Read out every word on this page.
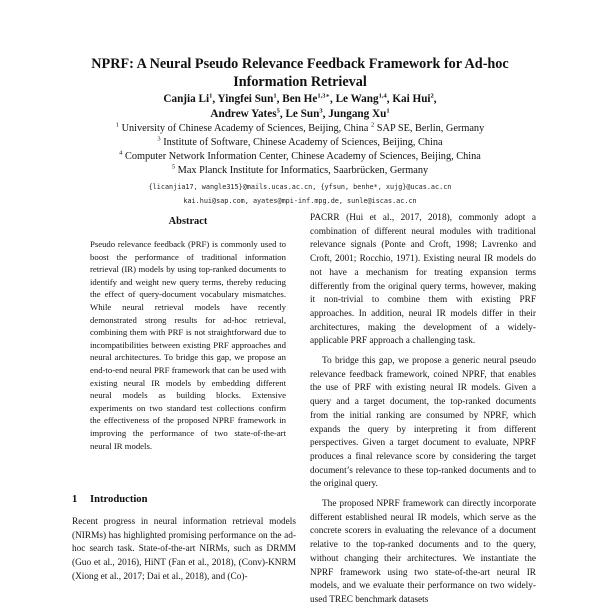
NPRF: A Neural Pseudo Relevance Feedback Framework for Ad-hoc Information Retrieval
Canjia Li$^1$, Yingfei Sun$^1$, Ben $He^{1,3∗}$, Le Wang$^{1,4}$, Kai Hui$^2$,
Andrew Yates$^5$, Le Sun$^3$, Jungang Xu$^1$
$^1$ University of Chinese Academy of Sciences, Beijing, China $^2$ SAP SE, Berlin, Germany
$^3$ Institute of Software, Chinese Academy of Sciences, Beijing, China
$^4$ Computer Network Information Center, Chinese Academy of Sciences, Beijing, China
$^5$ Max Planck Institute for Informatics, Saarbrücken, Germany
{licanjia17, wangle315}@mails.ucas.ac.cn, {yfsun, benhe*, xujg}@ucas.ac.cn
kai.hui@sap.com, ayates@mpi-inf.mpg.de, sunle@iscas.ac.cn
Abstract
Pseudo relevance feedback (PRF) is commonly used to boost the performance of traditional information retrieval (IR) models by using top-ranked documents to identify and weight new query terms, thereby reducing the effect of query-document vocabulary mismatches. While neural retrieval models have recently demonstrated strong results for ad-hoc retrieval, combining them with PRF is not straightforward due to incompatibilities between existing PRF approaches and neural architectures. To bridge this gap, we propose an end-to-end neural PRF framework that can be used with existing neural IR models by embedding different neural models as building blocks. Extensive experiments on two standard test collections confirm the effectiveness of the proposed NPRF framework in improving the performance of two state-of-the-art neural IR models.
1 Introduction

Recent progress in neural information retrieval models (NIRMs) has highlighted promising performance on the ad-hoc search task. State-of-the-art NIRMs, such as DRMM (Guo et al., 2016), HiNT (Fan et al., 2018), (Conv)-KNRM (Xiong et al., 2017; Dai et al., 2018), and (Co)-

PACRR (Hui et al., 2017, 2018), commonly adopt a combination of different neural modules with traditional relevance signals (Ponte and Croft, 1998; Lavrenko and Croft, 2001; Rocchio, 1971). Existing neural IR models do not have a mechanism for treating expansion terms differently from the original query terms, however, making it non-trivial to combine them with existing PRF approaches. In addition, neural IR models differ in their architectures, making the development of a widely-applicable PRF approach a challenging task.

To bridge this gap, we propose a generic neural pseudo relevance feedback framework, coined NPRF, that enables the use of PRF with existing neural IR models. Given a query and a target document, the top-ranked documents from the initial ranking are consumed by NPRF, which expands the query by interpreting it from different perspectives. Given a target document to evaluate, NPRF produces a final relevance score by considering the target document’s relevance to these top-ranked documents and to the original query.

The proposed NPRF framework can directly incorporate different established neural IR models, which serve as the concrete scorers in evaluating the relevance of a document relative to the top-ranked documents and to the query, without changing their architectures. We instantiate the NPRF framework using two state-of-the-art neural IR models, and we evaluate their performance on two widely-used TREC benchmark datasets
